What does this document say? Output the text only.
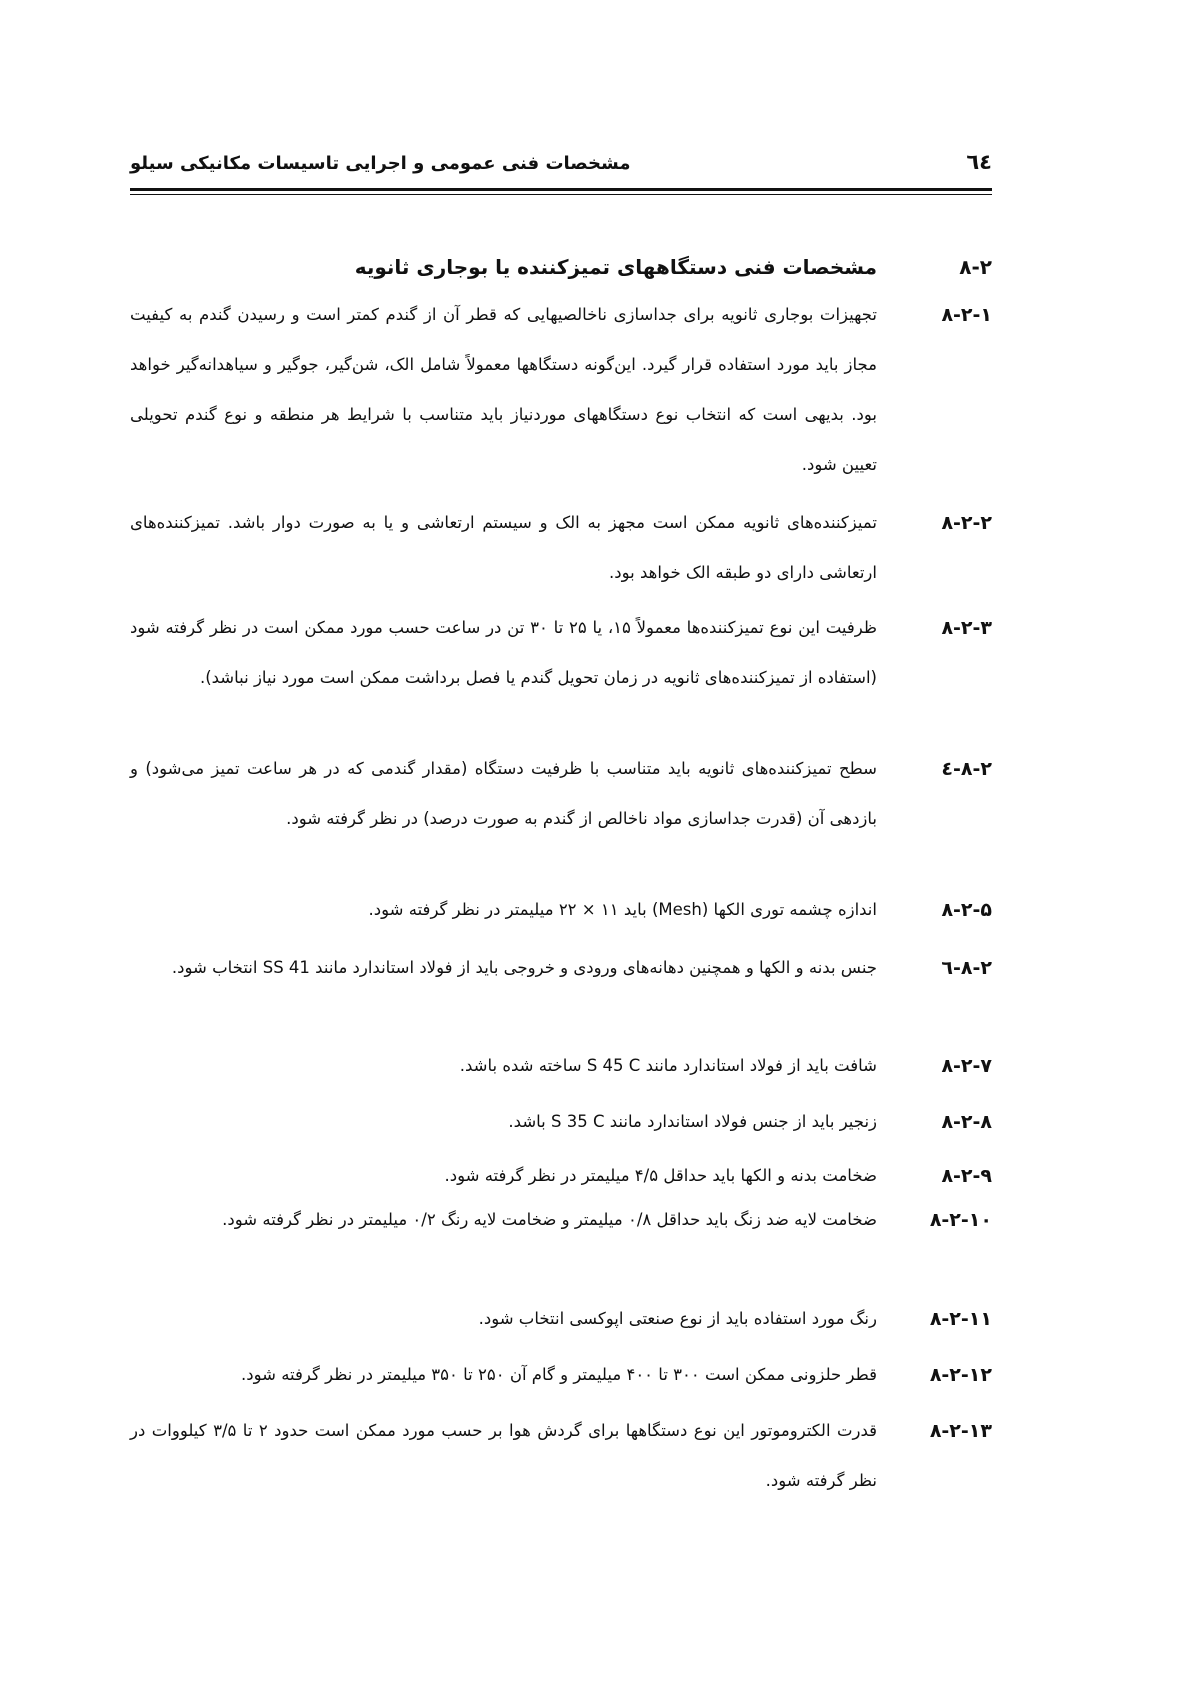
٦٤
مشخصات فنی عمومی و اجرایی تاسیسات مکانیکی سیلو
۸-۲
مشخصات فنی دستگاههای تمیزکننده یا بوجاری ثانویه
۸-۲-۱
تجهیزات بوجاری ثانویه برای جداسازی ناخالصیهایی که قطر آن از گندم کمتر است و رسیدن گندم به کیفیت مجاز باید مورد استفاده قرار گیرد. این‌گونه دستگاهها معمولاً شامل الک، شن‌گیر، جوگیر و سیاهدانه‌گیر خواهد بود. بدیهی است که انتخاب نوع دستگاههای موردنیاز باید متناسب با شرایط هر منطقه و نوع گندم تحویلی تعیین شود.
۸-۲-۲
تمیزکننده‌های ثانویه ممکن است مجهز به الک و سیستم ارتعاشی و یا به صورت دوار باشد. تمیزکننده‌های ارتعاشی دارای دو طبقه الک خواهد بود.
۸-۲-۳
ظرفیت این نوع تمیزکننده‌ها معمولاً ۱۵، یا ۲۵ تا ۳۰ تن در ساعت حسب مورد ممکن است در نظر گرفته شود (استفاده از تمیزکننده‌های ثانویه در زمان تحویل گندم یا فصل برداشت ممکن است مورد نیاز نباشد).
۸-۲-٤
سطح تمیزکننده‌های ثانویه باید متناسب با ظرفیت دستگاه (مقدار گندمی که در هر ساعت تمیز می‌شود) و بازدهی آن (قدرت جداسازی مواد ناخالص از گندم به صورت درصد) در نظر گرفته شود.
۸-۲-۵
اندازه چشمه توری الکها (Mesh) باید ۱۱ × ۲۲ میلیمتر در نظر گرفته شود.
۸-۲-٦
جنس بدنه و الکها و همچنین دهانه‌های ورودی و خروجی باید از فولاد استاندارد مانند SS 41 انتخاب شود.
۸-۲-۷
شافت باید از فولاد استاندارد مانند S 45 C ساخته شده باشد.
۸-۲-۸
زنجیر باید از جنس فولاد استاندارد مانند S 35 C باشد.
۸-۲-۹
ضخامت بدنه و الکها باید حداقل ۴/۵ میلیمتر در نظر گرفته شود.
۸-۲-۱۰
ضخامت لایه ضد زنگ باید حداقل ۰/۸ میلیمتر و ضخامت لایه رنگ ۰/۲ میلیمتر در نظر گرفته شود.
۸-۲-۱۱
رنگ مورد استفاده باید از نوع صنعتی اپوکسی انتخاب شود.
۸-۲-۱۲
قطر حلزونی ممکن است ۳۰۰ تا ۴۰۰ میلیمتر و گام آن ۲۵۰ تا ۳۵۰ میلیمتر در نظر گرفته شود.
۸-۲-۱۳
قدرت الکتروموتور این نوع دستگاهها برای گردش هوا بر حسب مورد ممکن است حدود ۲ تا ۳/۵ کیلووات در نظر گرفته شود.
